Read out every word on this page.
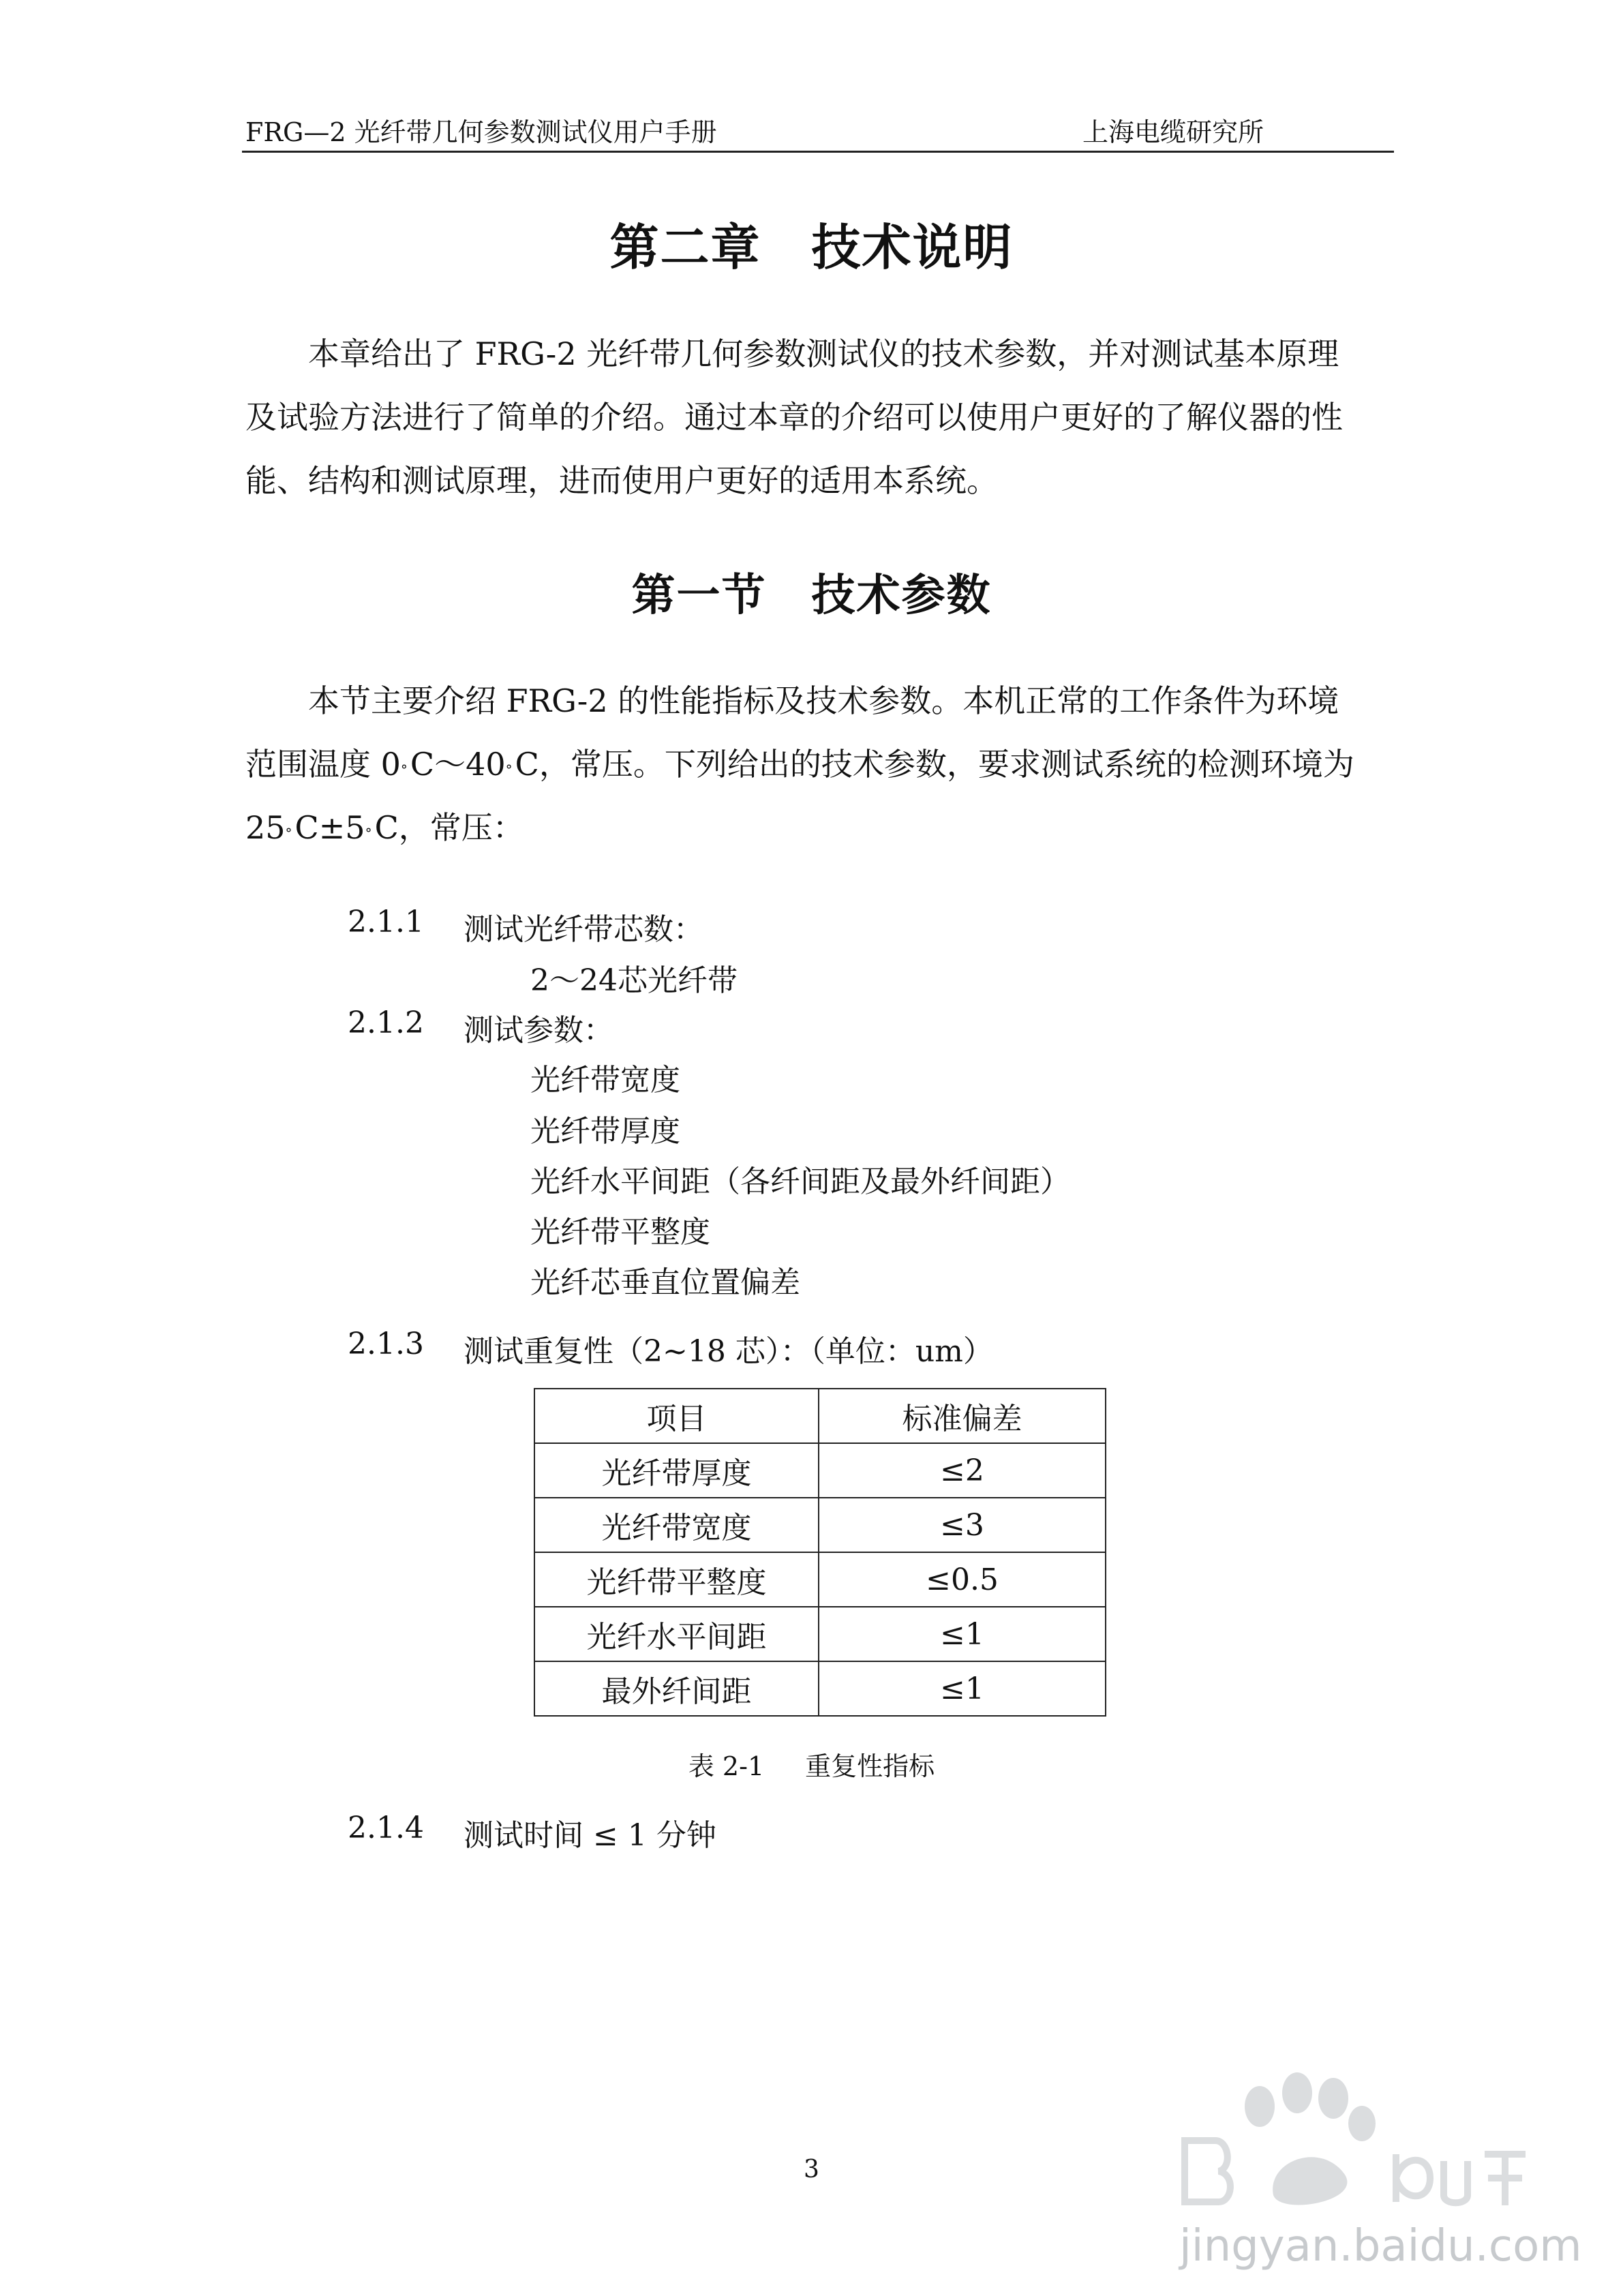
FRG—2 光纤带几何参数测试仪用户手册	上海电缆研究所
第二章　技术说明
本章给出了 FRG-2 光纤带几何参数测试仪的技术参数，并对测试基本原理
及试验方法进行了简单的介绍。通过本章的介绍可以使用户更好的了解仪器的性
能、结构和测试原理，进而使用户更好的适用本系统。
第一节　技术参数
本节主要介绍 FRG-2 的性能指标及技术参数。本机正常的工作条件为环境
范围温度 0°C～40°C，常压。下列给出的技术参数，要求测试系统的检测环境为
25°C±5°C，常压：
2.1.1 测试光纤带芯数：
2～24芯光纤带
2.1.2 测试参数：
光纤带宽度
光纤带厚度
光纤水平间距（各纤间距及最外纤间距）
光纤带平整度
光纤芯垂直位置偏差
2.1.3 测试重复性（2~18 芯）：（单位：um）
项目	标准偏差
光纤带厚度	≤2
光纤带宽度	≤3
光纤带平整度	≤0.5
光纤水平间距	≤1
最外纤间距	≤1
表 2-1 重复性指标
2.1.4 测试时间 ≤ 1 分钟
3
jingyan.baidu.com
